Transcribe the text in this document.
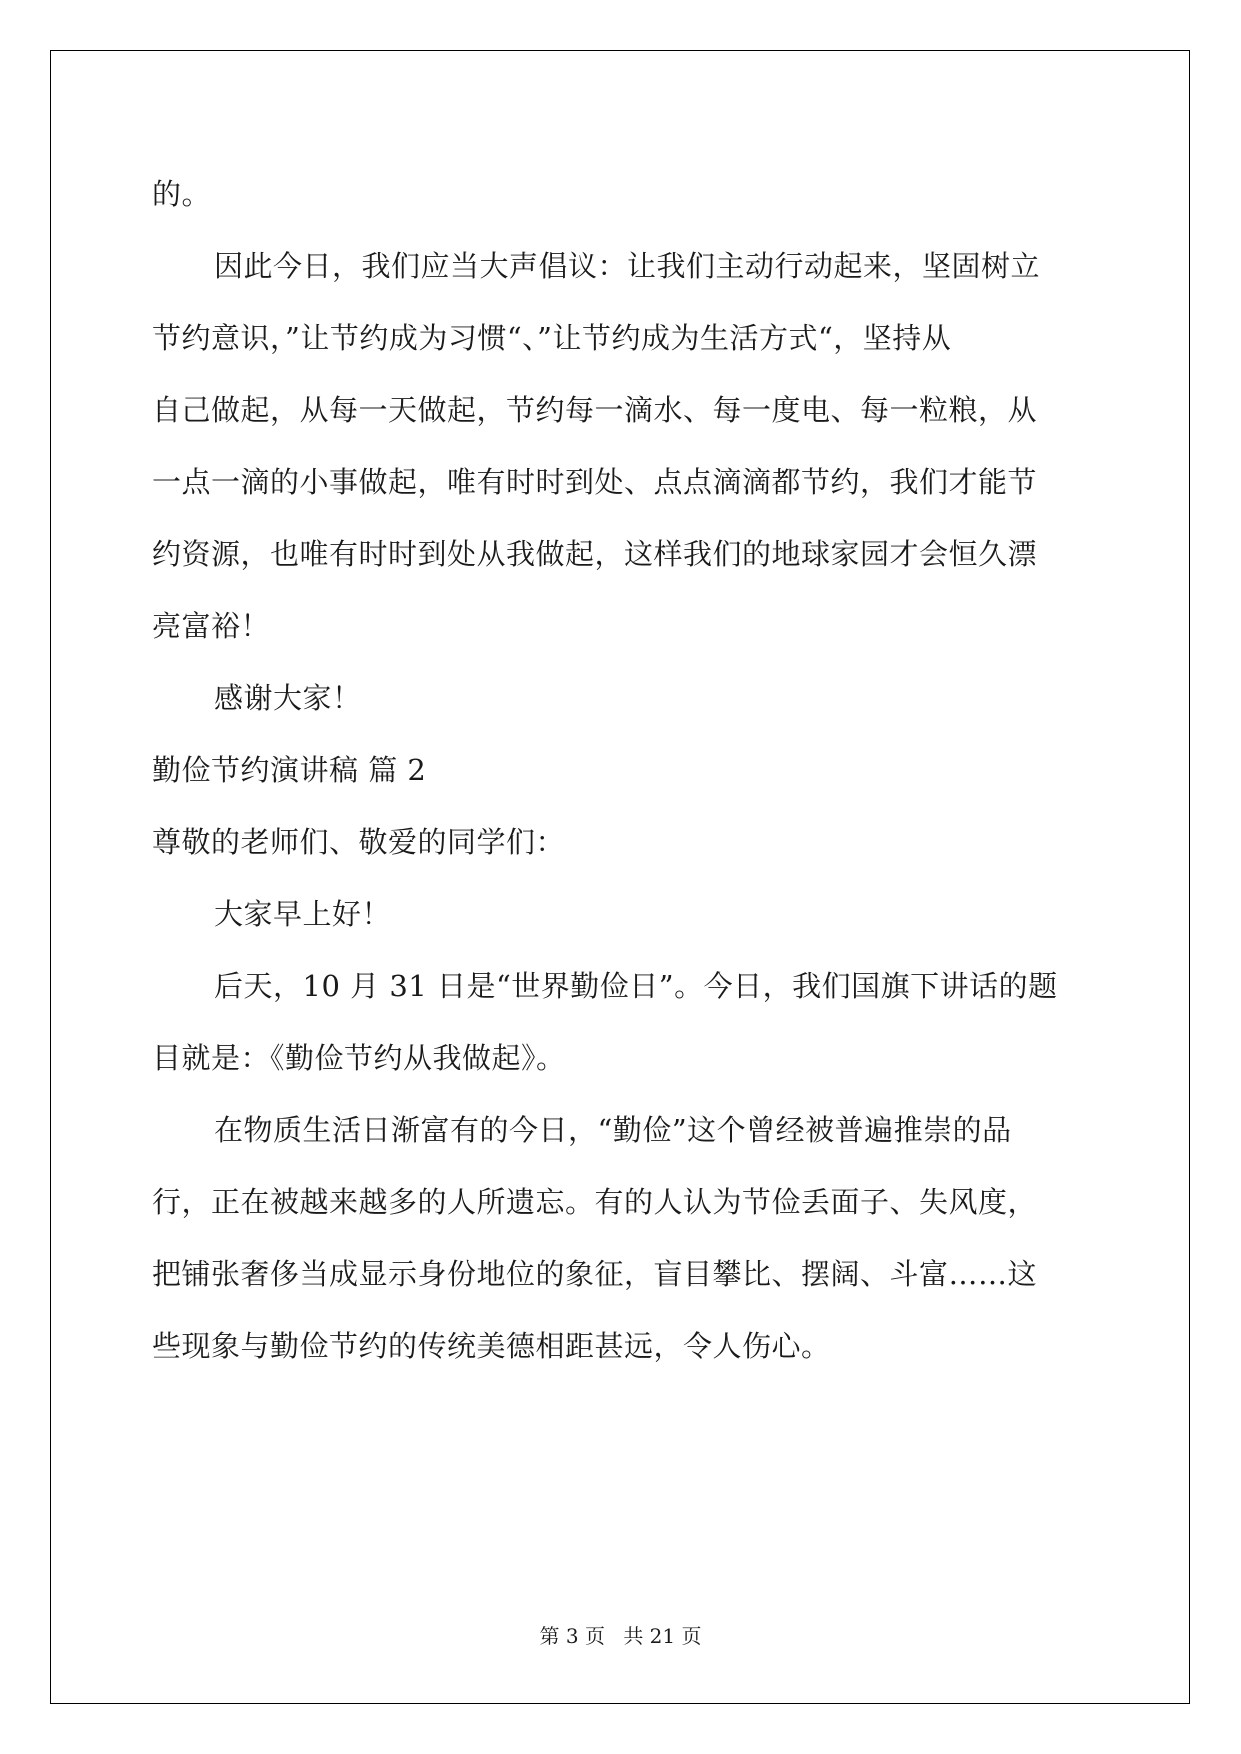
的。
因此今日，我们应当大声倡议：让我们主动行动起来，坚固树立
节约意识，”让节约成为习惯“、”让节约成为生活方式“，坚持从
自己做起，从每一天做起，节约每一滴水、每一度电、每一粒粮，从
一点一滴的小事做起，唯有时时到处、点点滴滴都节约，我们才能节
约资源，也唯有时时到处从我做起，这样我们的地球家园才会恒久漂
亮富裕！
感谢大家！
勤俭节约演讲稿 篇 2
尊敬的老师们、敬爱的同学们：
大家早上好！
后天，10 月 31 日是“世界勤俭日”。今日，我们国旗下讲话的题
目就是：《勤俭节约从我做起》。
在物质生活日渐富有的今日，“勤俭”这个曾经被普遍推崇的品
行，正在被越来越多的人所遗忘。有的人认为节俭丢面子、失风度，
把铺张奢侈当成显示身份地位的象征，盲目攀比、摆阔、斗富……这
些现象与勤俭节约的传统美德相距甚远，令人伤心。
第 3 页 共 21 页
